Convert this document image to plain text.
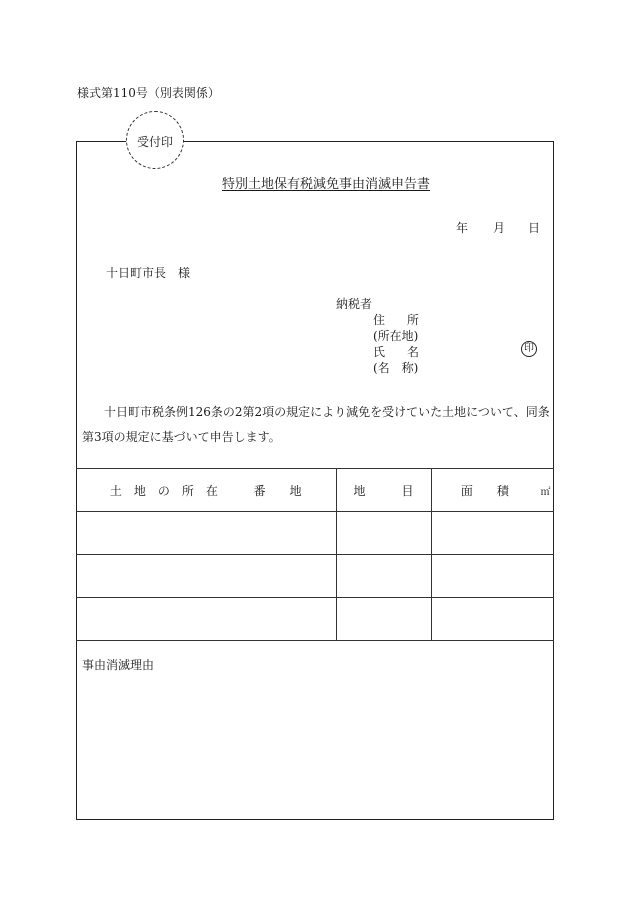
様式第110号（別表関係）
受付印
特別土地保有税減免事由消滅申告書
年 月 日
十日町市長 様
納税者
住　所
(所在地)
氏　名
(名　称)
印
十日町市税条例126条の2第2項の規定により減免を受けていた土地について、同条第3項の規定に基づいて申告します。
土　地　の　所　在 番　　地	地　　　目	面　　積 ㎡

事由消滅理由
